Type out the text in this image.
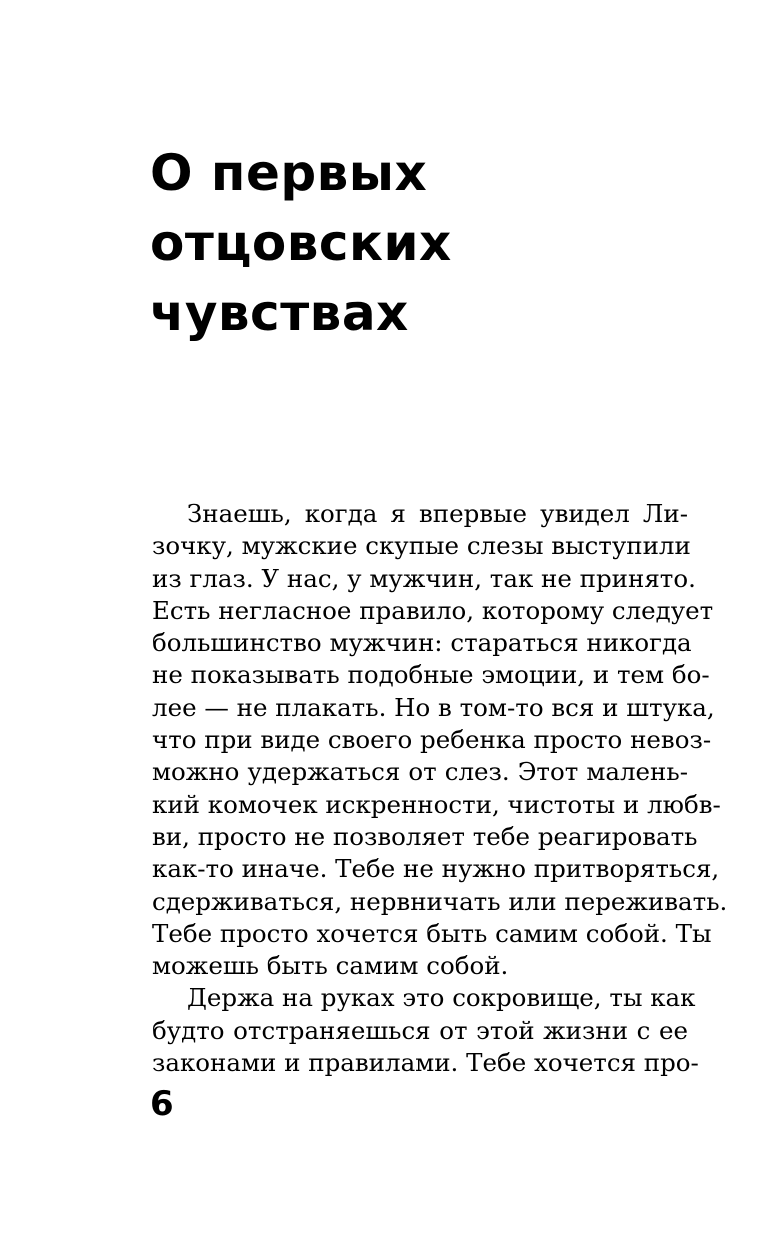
О первых
отцовских
чувствах
Знаешь, когда я впервые увидел Ли-
зочку, мужские скупые слезы выступили
из глаз. У нас, у мужчин, так не принято.
Есть негласное правило, которому следует
большинство мужчин: стараться никогда
не показывать подобные эмоции, и тем бо-
лее — не плакать. Но в том-то вся и штука,
что при виде своего ребенка просто невоз-
можно удержаться от слез. Этот малень-
кий комочек искренности, чистоты и любв-
ви, просто не позволяет тебе реагировать
как-то иначе. Тебе не нужно притворяться,
сдерживаться, нервничать или переживать.
Тебе просто хочется быть самим собой. Ты
можешь быть самим собой.
Держа на руках это сокровище, ты как
будто отстраняешься от этой жизни с ее
законами и правилами. Тебе хочется про-
6
